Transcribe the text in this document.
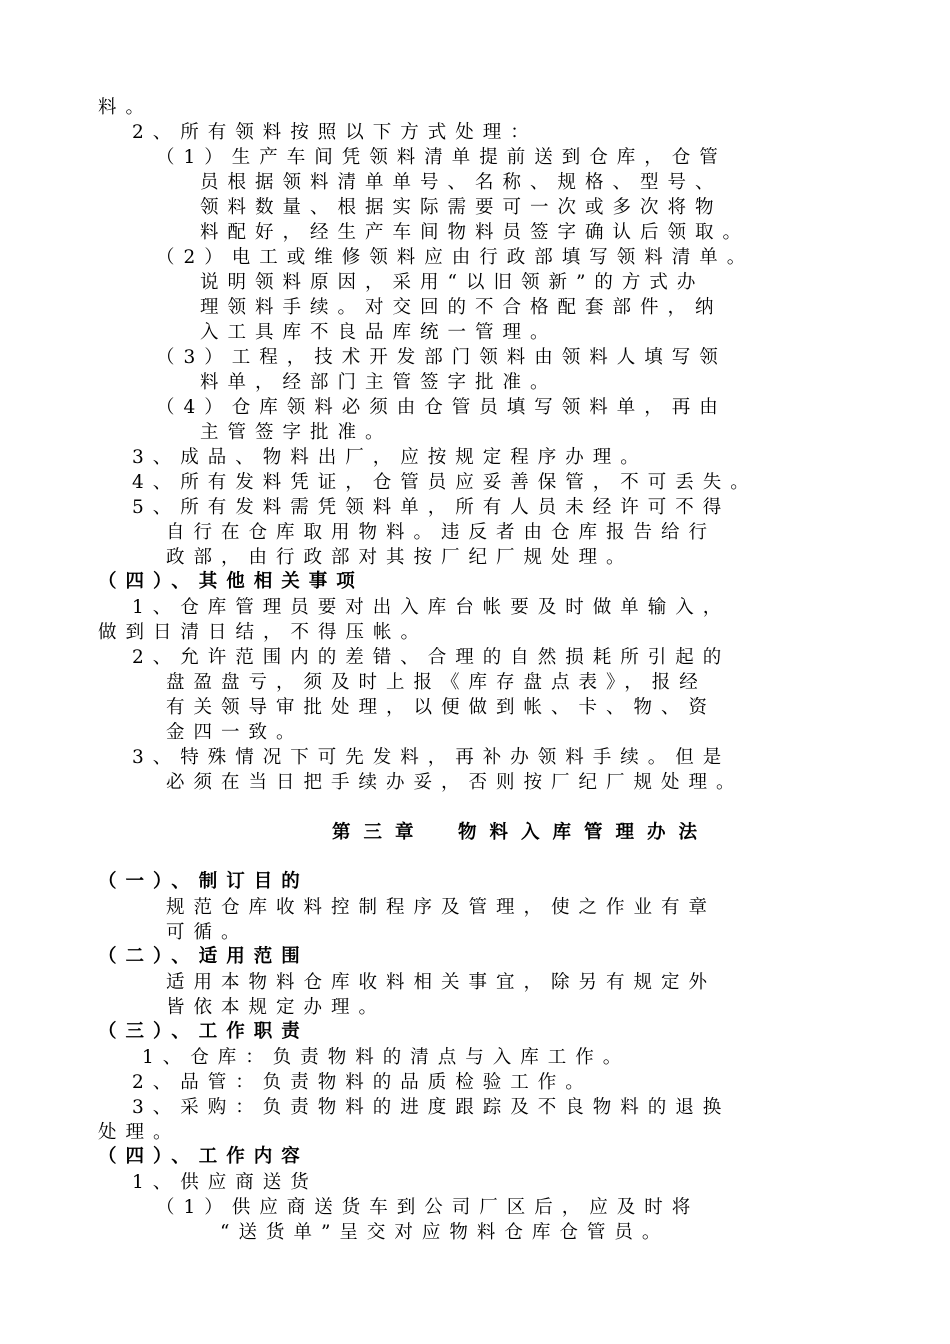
料。

2、所有领料按照以下方式处理：

（1）生产车间凭领料清单提前送到仓库，仓管

员根据领料清单单号、名称、规格、型号、

领料数量、根据实际需要可一次或多次将物

料配好，经生产车间物料员签字确认后领取。

（2）电工或维修领料应由行政部填写领料清单。

说明领料原因，采用“以旧领新”的方式办

理领料手续。对交回的不合格配套部件，纳

入工具库不良品库统一管理。

（3）工程，技术开发部门领料由领料人填写领

料单，经部门主管签字批准。

（4）仓库领料必须由仓管员填写领料单，再由

主管签字批准。

3、成品、物料出厂，应按规定程序办理。

4、所有发料凭证，仓管员应妥善保管，不可丢失。

5、所有发料需凭领料单，所有人员未经许可不得

自行在仓库取用物料。违反者由仓库报告给行

政部，由行政部对其按厂纪厂规处理。

（四）、其他相关事项

1、仓库管理员要对出入库台帐要及时做单输入，

做到日清日结，不得压帐。

2、允许范围内的差错、合理的自然损耗所引起的

盘盈盘亏，须及时上报《库存盘点表》，报经

有关领导审批处理，以便做到帐、卡、物、资

金四一致。

3、特殊情况下可先发料，再补办领料手续。但是

必须在当日把手续办妥，否则按厂纪厂规处理。

第三章　物料入库管理办法

（一）、制订目的

规范仓库收料控制程序及管理，使之作业有章

可循。

（二）、适用范围

适用本物料仓库收料相关事宜，除另有规定外

皆依本规定办理。

（三）、工作职责

1、仓库：负责物料的清点与入库工作。

2、品管：负责物料的品质检验工作。

3、采购：负责物料的进度跟踪及不良物料的退换

处理。

（四）、工作内容

1、供应商送货

（1）供应商送货车到公司厂区后，应及时将

“送货单”呈交对应物料仓库仓管员。
